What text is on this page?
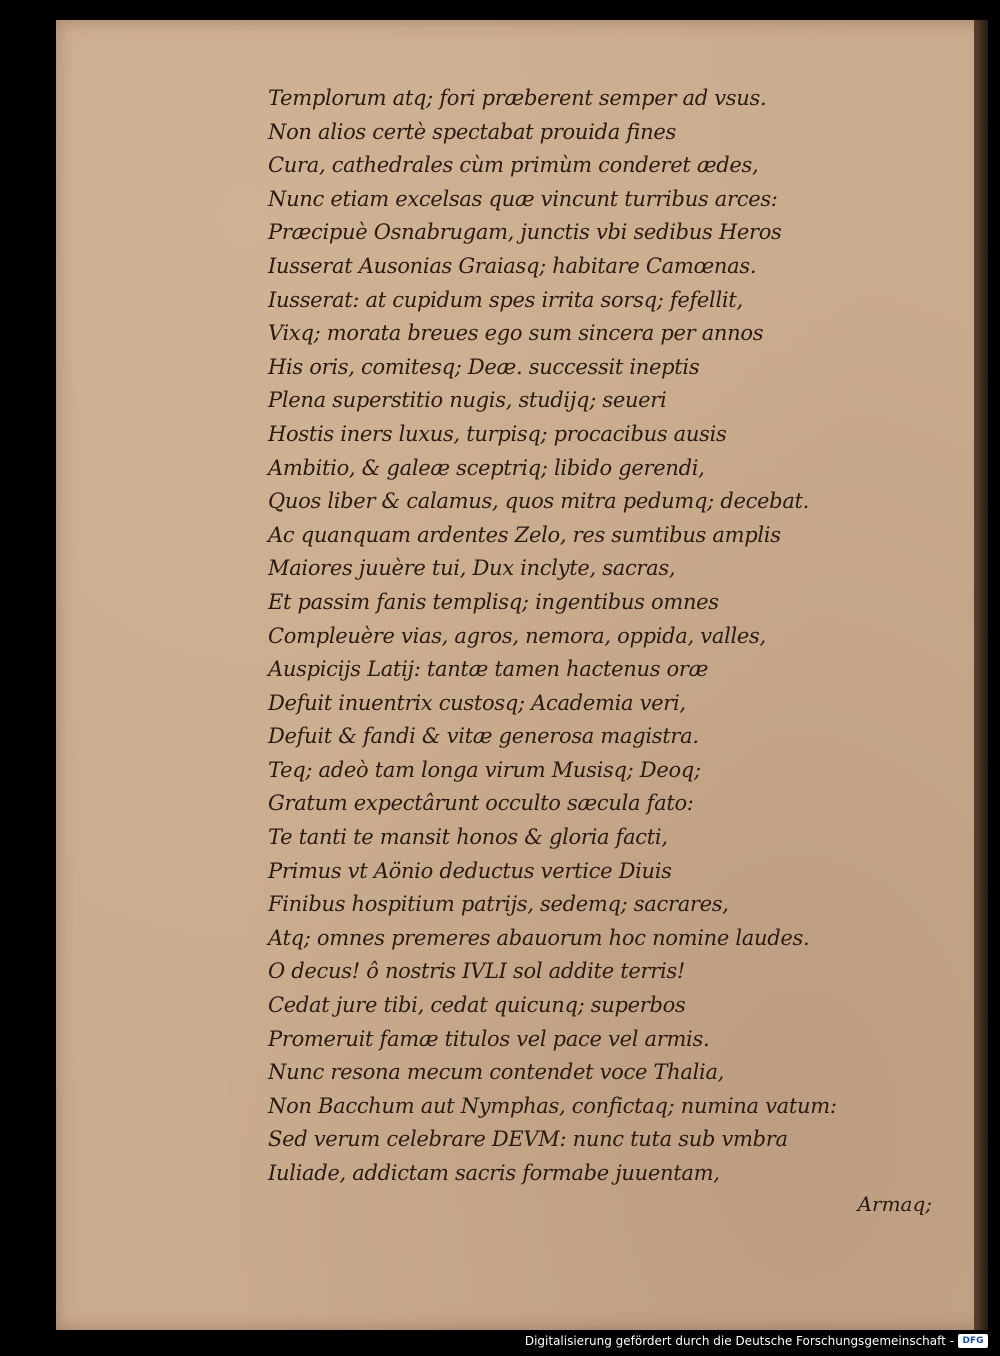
Templorum atq; fori præberent semper ad vsus.
Non alios certè spectabat prouida fines
Cura, cathedrales cùm primùm conderet ædes,
Nunc etiam excelsas quæ vincunt turribus arces:
Præcipuè Osnabrugam, junctis vbi sedibus Heros
Iusserat Ausonias Graiasq; habitare Camœnas.
Iusserat: at cupidum spes irrita sorsq; fefellit,
Vixq; morata breues ego sum sincera per annos
His oris, comitesq; Deæ. successit ineptis
Plena superstitio nugis, studijq; seueri
Hostis iners luxus, turpisq; procacibus ausis
Ambitio, & galeæ sceptriq; libido gerendi,
Quos liber & calamus, quos mitra pedumq; decebat.
Ac quanquam ardentes Zelo, res sumtibus amplis
Maiores juuère tui, Dux inclyte, sacras,
Et passim fanis templisq; ingentibus omnes
Compleuère vias, agros, nemora, oppida, valles,
Auspicijs Latij: tantæ tamen hactenus oræ
Defuit inuentrix custosq; Academia veri,
Defuit & fandi & vitæ generosa magistra.
Teq; adeò tam longa virum Musisq; Deoq;
Gratum expectârunt occulto sæcula fato:
Te tanti te mansit honos & gloria facti,
Primus vt Aönio deductus vertice Diuis
Finibus hospitium patrijs, sedemq; sacrares,
Atq; omnes premeres abauorum hoc nomine laudes.
O decus! ô nostris IVLI sol addite terris!
Cedat jure tibi, cedat quicunq; superbos
Promeruit famæ titulos vel pace vel armis.
Nunc resona mecum contendet voce Thalia,
Non Bacchum aut Nymphas, confictaq; numina vatum:
Sed verum celebrare DEVM: nunc tuta sub vmbra
Iuliade, addictam sacris formabe juuentam,
Armaq;
Digitalisierung gefördert durch die Deutsche Forschungsgemeinschaft - DFG
